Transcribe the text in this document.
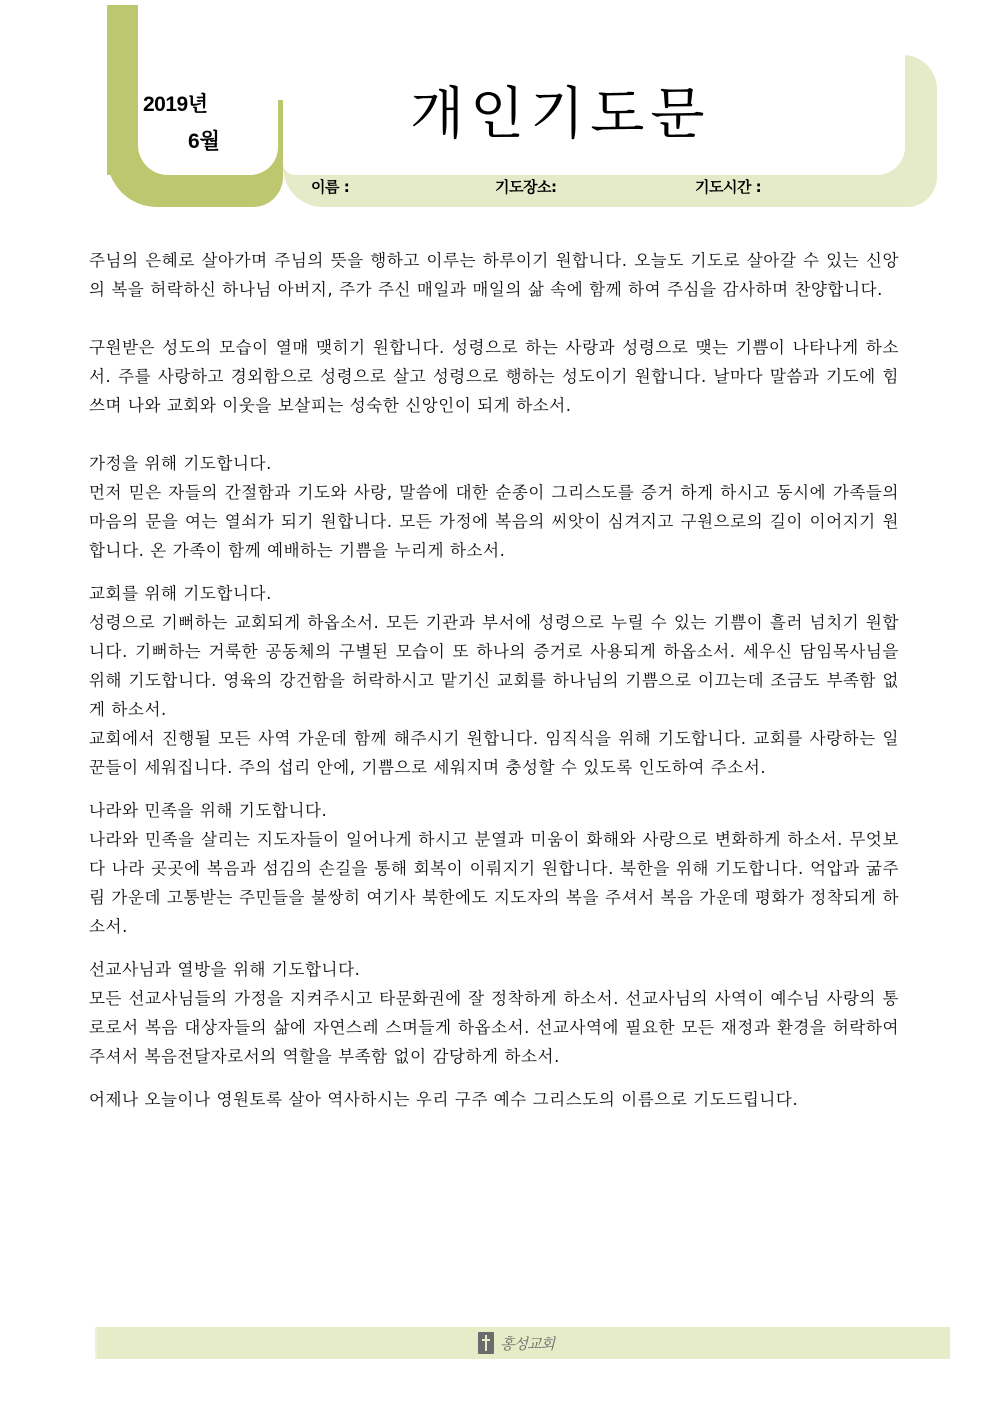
2019년
6월	개인기도문
이름 :	기도장소:	기도시간 :

주님의 은혜로 살아가며 주님의 뜻을 행하고 이루는 하루이기 원합니다. 오늘도 기도로 살아갈 수 있는 신앙의 복을 허락하신 하나님 아버지, 주가 주신 매일과 매일의 삶 속에 함께 하여 주심을 감사하며 찬양합니다.

구원받은 성도의 모습이 열매 맺히기 원합니다. 성령으로 하는 사랑과 성령으로 맺는 기쁨이 나타나게 하소서. 주를 사랑하고 경외함으로 성령으로 살고 성령으로 행하는 성도이기 원합니다. 날마다 말씀과 기도에 힘쓰며 나와 교회와 이웃을 보살피는 성숙한 신앙인이 되게 하소서.

가정을 위해 기도합니다.

먼저 믿은 자들의 간절함과 기도와 사랑, 말씀에 대한 순종이 그리스도를 증거 하게 하시고 동시에 가족들의 마음의 문을 여는 열쇠가 되기 원합니다. 모든 가정에 복음의 씨앗이 심겨지고 구원으로의 길이 이어지기 원합니다. 온 가족이 함께 예배하는 기쁨을 누리게 하소서.

교회를 위해 기도합니다.

성령으로 기뻐하는 교회되게 하옵소서. 모든 기관과 부서에 성령으로 누릴 수 있는 기쁨이 흘러 넘치기 원합니다. 기뻐하는 거룩한 공동체의 구별된 모습이 또 하나의 증거로 사용되게 하옵소서. 세우신 담임목사님을 위해 기도합니다. 영육의 강건함을 허락하시고 맡기신 교회를 하나님의 기쁨으로 이끄는데 조금도 부족함 없게 하소서.

교회에서 진행될 모든 사역 가운데 함께 해주시기 원합니다. 임직식을 위해 기도합니다. 교회를 사랑하는 일꾼들이 세워집니다. 주의 섭리 안에, 기쁨으로 세워지며 충성할 수 있도록 인도하여 주소서.

나라와 민족을 위해 기도합니다.

나라와 민족을 살리는 지도자들이 일어나게 하시고 분열과 미움이 화해와 사랑으로 변화하게 하소서. 무엇보다 나라 곳곳에 복음과 섬김의 손길을 통해 회복이 이뤄지기 원합니다. 북한을 위해 기도합니다. 억압과 굶주림 가운데 고통받는 주민들을 불쌍히 여기사 북한에도 지도자의 복을 주셔서 복음 가운데 평화가 정착되게 하소서.

선교사님과 열방을 위해 기도합니다.

모든 선교사님들의 가정을 지켜주시고 타문화권에 잘 정착하게 하소서. 선교사님의 사역이 예수님 사랑의 통로로서 복음 대상자들의 삶에 자연스레 스며들게 하옵소서. 선교사역에 필요한 모든 재정과 환경을 허락하여 주셔서 복음전달자로서의 역할을 부족함 없이 감당하게 하소서.

어제나 오늘이나 영원토록 살아 역사하시는 우리 구주 예수 그리스도의 이름으로 기도드립니다.

홍성교회
